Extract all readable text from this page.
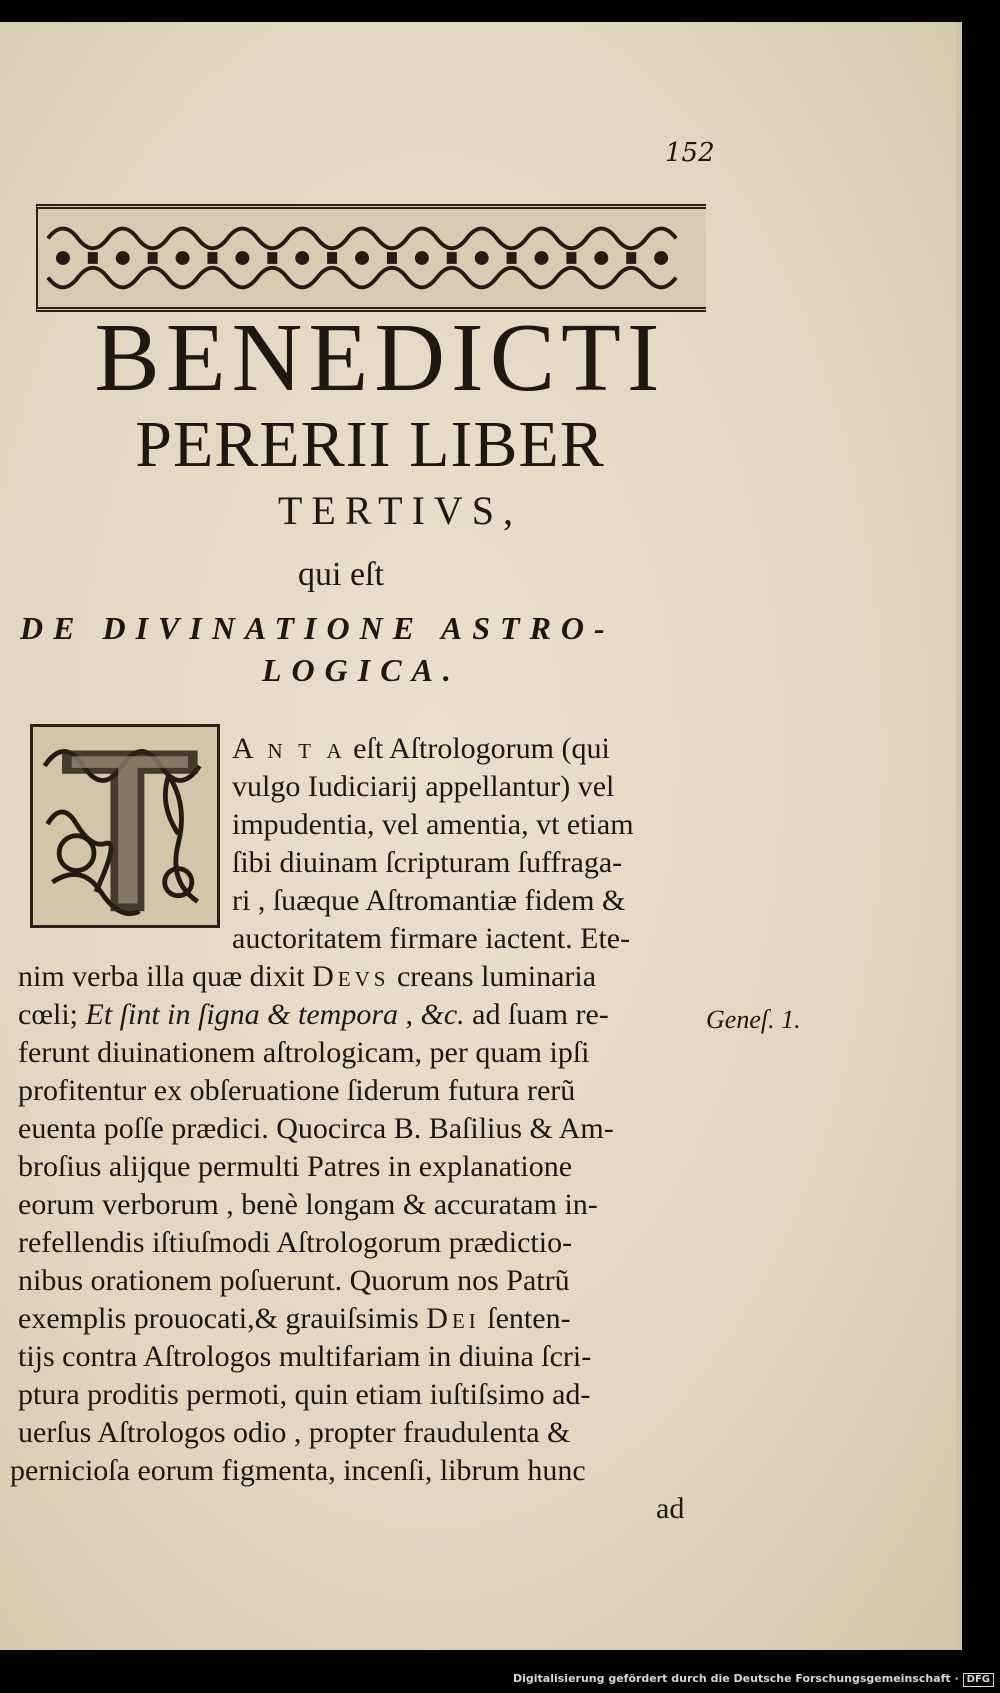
152

BENEDICTI

PERERII LIBER

TERTIVS,

qui eſt

DE DIVINATIONE ASTRO-

LOGICA.

A n t a eſt Aſtrologorum (qui

vulgo Iudiciarij appellantur) vel

impudentia, vel amentia, vt etiam

ſibi diuinam ſcripturam ſuffraga-

ri , ſuæque Aſtromantiæ fidem &

auctoritatem firmare iactent. Ete-

nim verba illa quæ dixit Devs creans luminaria

cœli; Et ſint in ſigna & tempora , &c. ad ſuam re-

ferunt diuinationem aſtrologicam, per quam ipſi

profitentur ex obſeruatione ſiderum futura rerũ

euenta poſſe prædici. Quocirca B. Baſilius & Am-

broſius alijque permulti Patres in explanatione

eorum verborum , benè longam & accuratam in-

refellendis iſtiuſmodi Aſtrologorum prædictio-

nibus orationem poſuerunt. Quorum nos Patrũ

exemplis prouocati,& grauiſsimis Dei ſenten-

tijs contra Aſtrologos multifariam in diuina ſcri-

ptura proditis permoti, quin etiam iuſtiſsimo ad-

uerſus Aſtrologos odio , propter fraudulenta &

pernicioſa eorum figmenta, incenſi, librum hunc

Geneſ. 1.

ad

Digitalisierung gefördert durch die Deutsche Forschungsgemeinschaft · DFG
